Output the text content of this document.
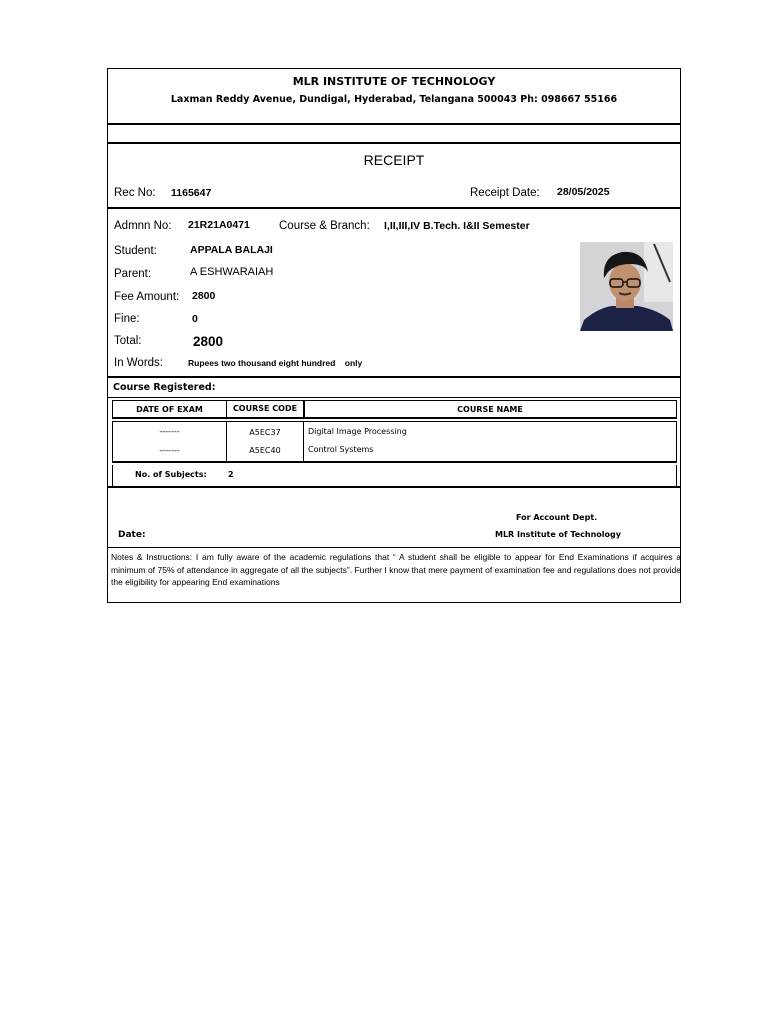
MLR INSTITUTE OF TECHNOLOGY
Laxman Reddy Avenue, Dundigal, Hyderabad, Telangana 500043 Ph: 098667 55166
RECEIPT
Rec No: 1165647	Receipt Date: 28/05/2025
Admnn No: 21R21A0471	Course & Branch: I,II,III,IV B.Tech. I&II Semester
Student:	APPALA BALAJI
Parent:	A ESHWARAIAH
Fee Amount: 2800
Fine:	0
Total:	2800
In Words:	Rupees two thousand eight hundred    only
Course Registered:
DATE OF EXAM	COURSE CODE	COURSE NAME
-------	A5EC37	Digital Image Processing
-------	A5EC40	Control Systems
No. of Subjects:	2
For Account Dept.
Date:	MLR Institute of Technology
Notes & Instructions: I am fully aware of the academic regulations that “ A student shall be eligible to appear for End Examinations if acquires a minimum of 75% of attendance in aggregate of all the subjects”. Further I know that mere payment of examination fee and regulations does not provide the eligibility for appearing End examinations
